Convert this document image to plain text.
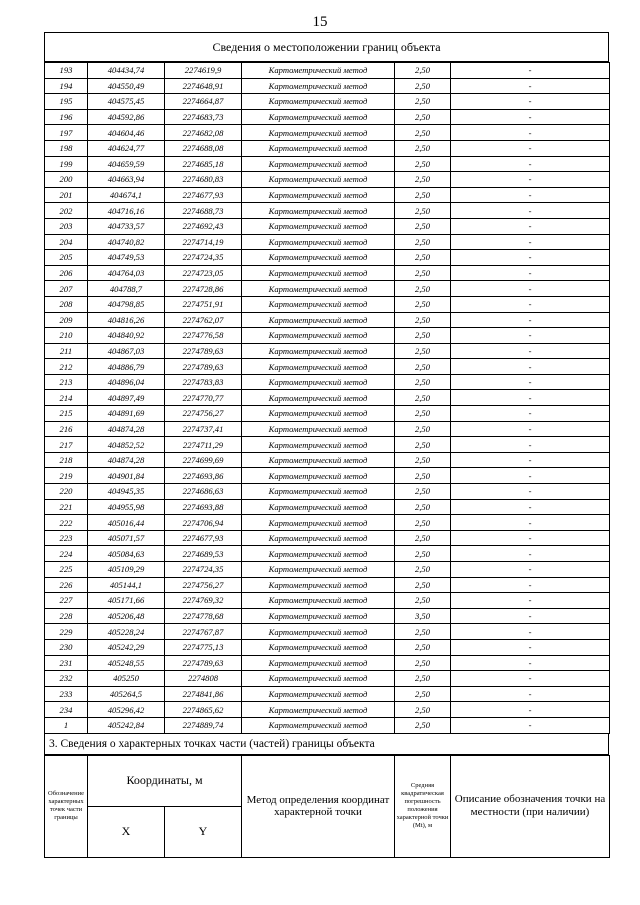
15
Сведения о местоположении границ объекта
193	404434,74	2274619,9	Картометрический метод	2,50	-
194	404550,49	2274648,91	Картометрический метод	2,50	-
195	404575,45	2274664,87	Картометрический метод	2,50	-
196	404592,86	2274683,73	Картометрический метод	2,50	-
197	404604,46	2274682,08	Картометрический метод	2,50	-
198	404624,77	2274688,08	Картометрический метод	2,50	-
199	404659,59	2274685,18	Картометрический метод	2,50	-
200	404663,94	2274680,83	Картометрический метод	2,50	-
201	404674,1	2274677,93	Картометрический метод	2,50	-
202	404716,16	2274688,73	Картометрический метод	2,50	-
203	404733,57	2274692,43	Картометрический метод	2,50	-
204	404740,82	2274714,19	Картометрический метод	2,50	-
205	404749,53	2274724,35	Картометрический метод	2,50	-
206	404764,03	2274723,05	Картометрический метод	2,50	-
207	404788,7	2274728,86	Картометрический метод	2,50	-
208	404798,85	2274751,91	Картометрический метод	2,50	-
209	404816,26	2274762,07	Картометрический метод	2,50	-
210	404840,92	2274776,58	Картометрический метод	2,50	-
211	404867,03	2274789,63	Картометрический метод	2,50	-
212	404886,79	2274789,63	Картометрический метод	2,50	-
213	404896,04	2274783,83	Картометрический метод	2,50	-
214	404897,49	2274770,77	Картометрический метод	2,50	-
215	404891,69	2274756,27	Картометрический метод	2,50	-
216	404874,28	2274737,41	Картометрический метод	2,50	-
217	404852,52	2274711,29	Картометрический метод	2,50	-
218	404874,28	2274699,69	Картометрический метод	2,50	-
219	404901,84	2274693,86	Картометрический метод	2,50	-
220	404945,35	2274686,63	Картометрический метод	2,50	-
221	404955,98	2274693,88	Картометрический метод	2,50	-
222	405016,44	2274706,94	Картометрический метод	2,50	-
223	405071,57	2274677,93	Картометрический метод	2,50	-
224	405084,63	2274689,53	Картометрический метод	2,50	-
225	405109,29	2274724,35	Картометрический метод	2,50	-
226	405144,1	2274756,27	Картометрический метод	2,50	-
227	405171,66	2274769,32	Картометрический метод	2,50	-
228	405206,48	2274778,68	Картометрический метод	3,50	-
229	405228,24	2274767,87	Картометрический метод	2,50	-
230	405242,29	2274775,13	Картометрический метод	2,50	-
231	405248,55	2274789,63	Картометрический метод	2,50	-
232	405250	2274808	Картометрический метод	2,50	-
233	405264,5	2274841,86	Картометрический метод	2,50	-
234	405296,42	2274865,62	Картометрический метод	2,50	-
1	405242,84	2274889,74	Картометрический метод	2,50	-
3. Сведения о характерных точках части (частей) границы объекта
Обозначение характерных точек части границы	Координаты, м		Метод определения координат характерной точки	Средняя квадратическая погрешность положения характерной точки (Mt), м	Описание обозначения точки на местности (при наличии)
	X	Y			
